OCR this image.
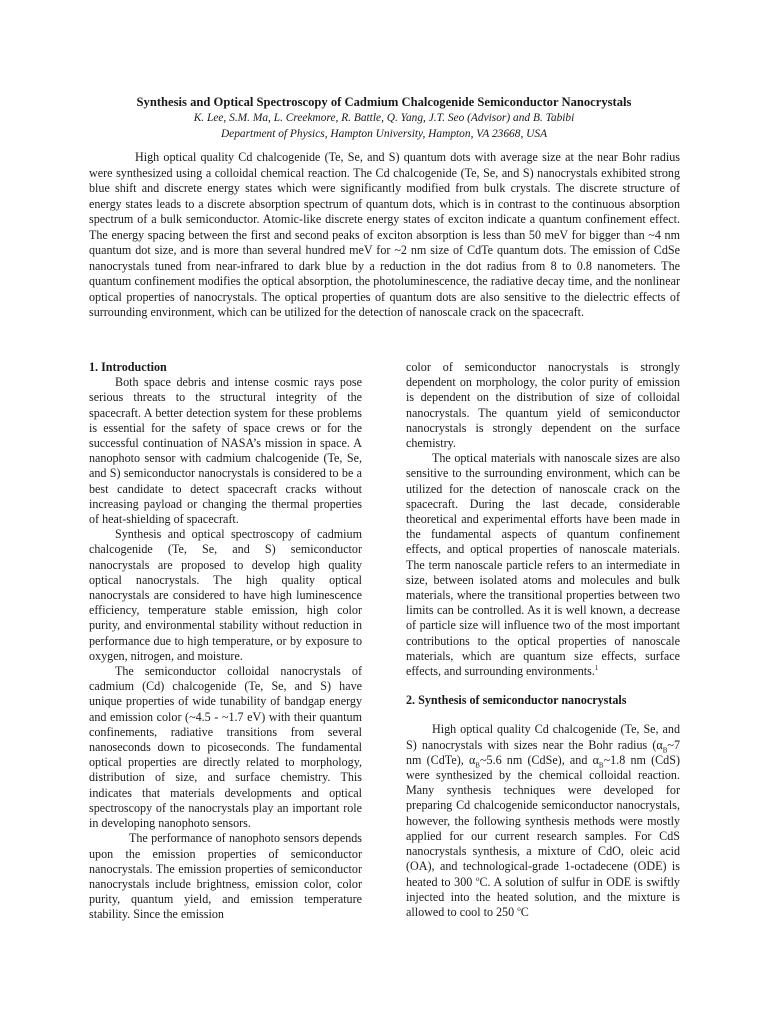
Synthesis and Optical Spectroscopy of Cadmium Chalcogenide Semiconductor Nanocrystals
K. Lee, S.M. Ma, L. Creekmore, R. Battle, Q. Yang, J.T. Seo (Advisor) and B. Tabibi
Department of Physics, Hampton University, Hampton, VA 23668, USA

High optical quality Cd chalcogenide (Te, Se, and S) quantum dots with average size at the near Bohr radius were synthesized using a colloidal chemical reaction. The Cd chalcogenide (Te, Se, and S) nanocrystals exhibited strong blue shift and discrete energy states which were significantly modified from bulk crystals. The discrete structure of energy states leads to a discrete absorption spectrum of quantum dots, which is in contrast to the continuous absorption spectrum of a bulk semiconductor. Atomic-like discrete energy states of exciton indicate a quantum confinement effect. The energy spacing between the first and second peaks of exciton absorption is less than 50 meV for bigger than ~4 nm quantum dot size, and is more than several hundred meV for ~2 nm size of CdTe quantum dots. The emission of CdSe nanocrystals tuned from near-infrared to dark blue by a reduction in the dot radius from 8 to 0.8 nanometers. The quantum confinement modifies the optical absorption, the photoluminescence, the radiative decay time, and the nonlinear optical properties of nanocrystals. The optical properties of quantum dots are also sensitive to the dielectric effects of surrounding environment, which can be utilized for the detection of nanoscale crack on the spacecraft.

1. Introduction

Both space debris and intense cosmic rays pose serious threats to the structural integrity of the spacecraft. A better detection system for these problems is essential for the safety of space crews or for the successful continuation of NASA’s mission in space. A nanophoto sensor with cadmium chalcogenide (Te, Se, and S) semiconductor nanocrystals is considered to be a best candidate to detect spacecraft cracks without increasing payload or changing the thermal properties of heat-shielding of spacecraft.

Synthesis and optical spectroscopy of cadmium chalcogenide (Te, Se, and S) semiconductor nanocrystals are proposed to develop high quality optical nanocrystals. The high quality optical nanocrystals are considered to have high luminescence efficiency, temperature stable emission, high color purity, and environmental stability without reduction in performance due to high temperature, or by exposure to oxygen, nitrogen, and moisture.

The semiconductor colloidal nanocrystals of cadmium (Cd) chalcogenide (Te, Se, and S) have unique properties of wide tunability of bandgap energy and emission color (~4.5 - ~1.7 eV) with their quantum confinements, radiative transitions from several nanoseconds down to picoseconds. The fundamental optical properties are directly related to morphology, distribution of size, and surface chemistry. This indicates that materials developments and optical spectroscopy of the nanocrystals play an important role in developing nanophoto sensors.

The performance of nanophoto sensors depends upon the emission properties of semiconductor nanocrystals. The emission properties of semiconductor nanocrystals include brightness, emission color, color purity, quantum yield, and emission temperature stability. Since the emission

color of semiconductor nanocrystals is strongly dependent on morphology, the color purity of emission is dependent on the distribution of size of colloidal nanocrystals. The quantum yield of semiconductor nanocrystals is strongly dependent on the surface chemistry.

The optical materials with nanoscale sizes are also sensitive to the surrounding environment, which can be utilized for the detection of nanoscale crack on the spacecraft. During the last decade, considerable theoretical and experimental efforts have been made in the fundamental aspects of quantum confinement effects, and optical properties of nanoscale materials. The term nanoscale particle refers to an intermediate in size, between isolated atoms and molecules and bulk materials, where the transitional properties between two limits can be controlled. As it is well known, a decrease of particle size will influence two of the most important contributions to the optical properties of nanoscale materials, which are quantum size effects, surface effects, and surrounding environments.$^1$

2. Synthesis of semiconductor nanocrystals

High optical quality Cd chalcogenide (Te, Se, and S) nanocrystals with sizes near the Bohr radius ($\alpha_B\sim 7$ nm (CdTe), $\alpha_B\sim 5.6$ nm (CdSe), and $\alpha_B\sim 1.8$ nm (CdS) were synthesized by the chemical colloidal reaction. Many synthesis techniques were developed for preparing Cd chalcogenide semiconductor nanocrystals, however, the following synthesis methods were mostly applied for our current research samples. For CdS nanocrystals synthesis, a mixture of CdO, oleic acid (OA), and technological-grade 1-octadecene (ODE) is heated to 300 $^o$C. A solution of sulfur in ODE is swiftly injected into the heated solution, and the mixture is allowed to cool to 250 $^o$C
